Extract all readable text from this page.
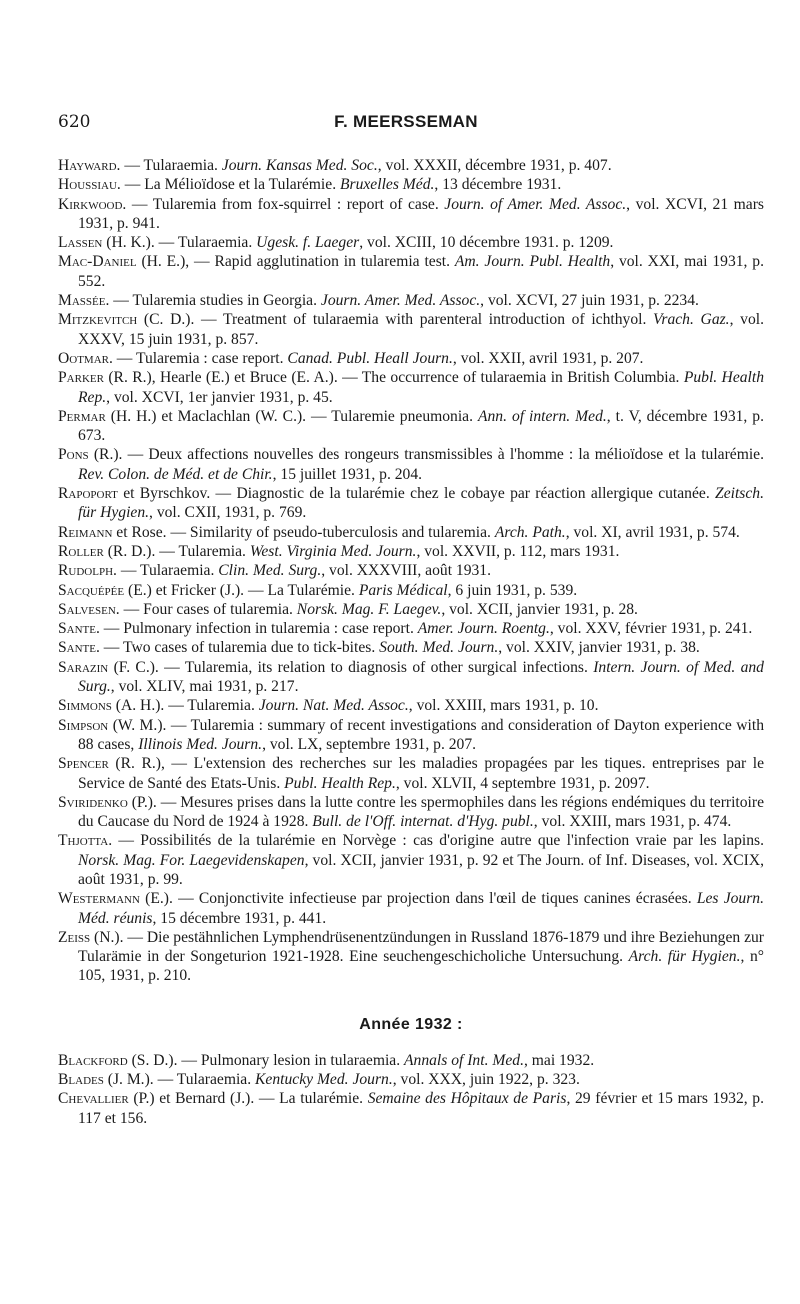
620	F. MEERSSEMAN

Hayward. — Tularaemia. Journ. Kansas Med. Soc., vol. XXXII, décembre 1931, p. 407.

Houssiau. — La Mélioïdose et la Tularémie. Bruxelles Méd., 13 décembre 1931.

Kirkwood. — Tularemia from fox-squirrel : report of case. Journ. of Amer. Med. Assoc., vol. XCVI, 21 mars 1931, p. 941.

Lassen (H. K.). — Tularaemia. Ugesk. f. Laeger, vol. XCIII, 10 décembre 1931. p. 1209.

Mac-Daniel (H. E.), — Rapid agglutination in tularemia test. Am. Journ. Publ. Health, vol. XXI, mai 1931, p. 552.

Massée. — Tularemia studies in Georgia. Journ. Amer. Med. Assoc., vol. XCVI, 27 juin 1931, p. 2234.

Mitzkevitch (C. D.). — Treatment of tularaemia with parenteral introduction of ichthyol. Vrach. Gaz., vol. XXXV, 15 juin 1931, p. 857.

Ootmar. — Tularemia : case report. Canad. Publ. Heall Journ., vol. XXII, avril 1931, p. 207.

Parker (R. R.), Hearle (E.) et Bruce (E. A.). — The occurrence of tularaemia in British Columbia. Publ. Health Rep., vol. XCVI, 1er janvier 1931, p. 45.

Permar (H. H.) et Maclachlan (W. C.). — Tularemie pneumonia. Ann. of intern. Med., t. V, décembre 1931, p. 673.

Pons (R.). — Deux affections nouvelles des rongeurs transmissibles à l'homme : la mélioïdose et la tularémie. Rev. Colon. de Méd. et de Chir., 15 juillet 1931, p. 204.

Rapoport et Byrschkov. — Diagnostic de la tularémie chez le cobaye par réaction allergique cutanée. Zeitsch. für Hygien., vol. CXII, 1931, p. 769.

Reimann et Rose. — Similarity of pseudo-tuberculosis and tularemia. Arch. Path., vol. XI, avril 1931, p. 574.

Roller (R. D.). — Tularemia. West. Virginia Med. Journ., vol. XXVII, p. 112, mars 1931.

Rudolph. — Tularaemia. Clin. Med. Surg., vol. XXXVIII, août 1931.

Sacquépée (E.) et Fricker (J.). — La Tularémie. Paris Médical, 6 juin 1931, p. 539.

Salvesen. — Four cases of tularemia. Norsk. Mag. F. Laegev., vol. XCII, janvier 1931, p. 28.

Sante. — Pulmonary infection in tularemia : case report. Amer. Journ. Roentg., vol. XXV, février 1931, p. 241.

Sante. — Two cases of tularemia due to tick-bites. South. Med. Journ., vol. XXIV, janvier 1931, p. 38.

Sarazin (F. C.). — Tularemia, its relation to diagnosis of other surgical infections. Intern. Journ. of Med. and Surg., vol. XLIV, mai 1931, p. 217.

Simmons (A. H.). — Tularemia. Journ. Nat. Med. Assoc., vol. XXIII, mars 1931, p. 10.

Simpson (W. M.). — Tularemia : summary of recent investigations and consideration of Dayton experience with 88 cases, Illinois Med. Journ., vol. LX, septembre 1931, p. 207.

Spencer (R. R.), — L'extension des recherches sur les maladies propagées par les tiques. entreprises par le Service de Santé des Etats-Unis. Publ. Health Rep., vol. XLVII, 4 septembre 1931, p. 2097.

Sviridenko (P.). — Mesures prises dans la lutte contre les spermophiles dans les régions endémiques du territoire du Caucase du Nord de 1924 à 1928. Bull. de l'Off. internat. d'Hyg. publ., vol. XXIII, mars 1931, p. 474.

Thjotta. — Possibilités de la tularémie en Norvège : cas d'origine autre que l'infection vraie par les lapins. Norsk. Mag. For. Laegevidenskapen, vol. XCII, janvier 1931, p. 92 et The Journ. of Inf. Diseases, vol. XCIX, août 1931, p. 99.

Westermann (E.). — Conjonctivite infectieuse par projection dans l'œil de tiques canines écrasées. Les Journ. Méd. réunis, 15 décembre 1931, p. 441.

Zeiss (N.). — Die pestähnlichen Lymphendrüsenentzündungen in Russland 1876-1879 und ihre Beziehungen zur Tularämie in der Songeturion 1921-1928. Eine seuchengeschicholiche Untersuchung. Arch. für Hygien., n° 105, 1931, p. 210.

Année 1932 :

Blackford (S. D.). — Pulmonary lesion in tularaemia. Annals of Int. Med., mai 1932.

Blades (J. M.). — Tularaemia. Kentucky Med. Journ., vol. XXX, juin 1922, p. 323.

Chevallier (P.) et Bernard (J.). — La tularémie. Semaine des Hôpitaux de Paris, 29 février et 15 mars 1932, p. 117 et 156.
